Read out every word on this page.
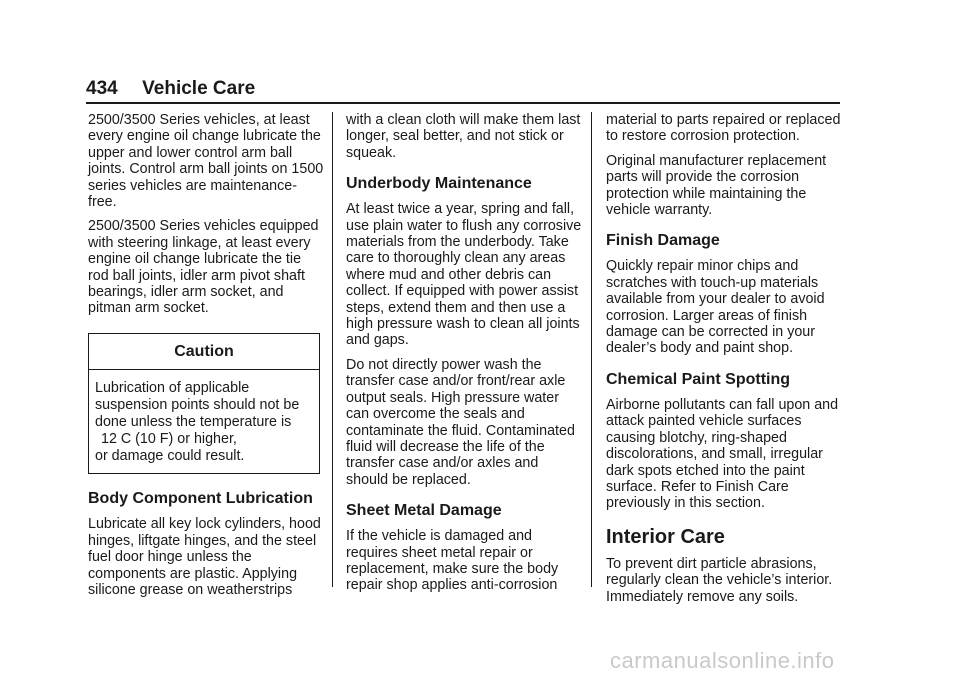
434 Vehicle Care

2500/3500 Series vehicles, at least every engine oil change lubricate the upper and lower control arm ball joints. Control arm ball joints on 1500 series vehicles are maintenance-free.

2500/3500 Series vehicles equipped with steering linkage, at least every engine oil change lubricate the tie rod ball joints, idler arm pivot shaft bearings, idler arm socket, and pitman arm socket.

Caution
Lubrication of applicable
suspension points should not be
done unless the temperature is
12 C (10 F) or higher,
or damage could result.
Body Component Lubrication

Lubricate all key lock cylinders, hood hinges, liftgate hinges, and the steel fuel door hinge unless the components are plastic. Applying silicone grease on weatherstrips

with a clean cloth will make them last longer, seal better, and not stick or squeak.

Underbody Maintenance

At least twice a year, spring and fall, use plain water to flush any corrosive materials from the underbody. Take care to thoroughly clean any areas where mud and other debris can collect. If equipped with power assist steps, extend them and then use a high pressure wash to clean all joints and gaps.

Do not directly power wash the transfer case and/or front/rear axle output seals. High pressure water can overcome the seals and contaminate the fluid. Contaminated fluid will decrease the life of the transfer case and/or axles and should be replaced.

Sheet Metal Damage

If the vehicle is damaged and requires sheet metal repair or replacement, make sure the body repair shop applies anti-corrosion

material to parts repaired or replaced to restore corrosion protection.

Original manufacturer replacement parts will provide the corrosion protection while maintaining the vehicle warranty.

Finish Damage

Quickly repair minor chips and scratches with touch-up materials available from your dealer to avoid corrosion. Larger areas of finish damage can be corrected in your dealer’s body and paint shop.

Chemical Paint Spotting

Airborne pollutants can fall upon and attack painted vehicle surfaces causing blotchy, ring-shaped discolorations, and small, irregular dark spots etched into the paint surface. Refer to Finish Care previously in this section.

Interior Care

To prevent dirt particle abrasions, regularly clean the vehicle’s interior. Immediately remove any soils.

carmanualsonline.info
